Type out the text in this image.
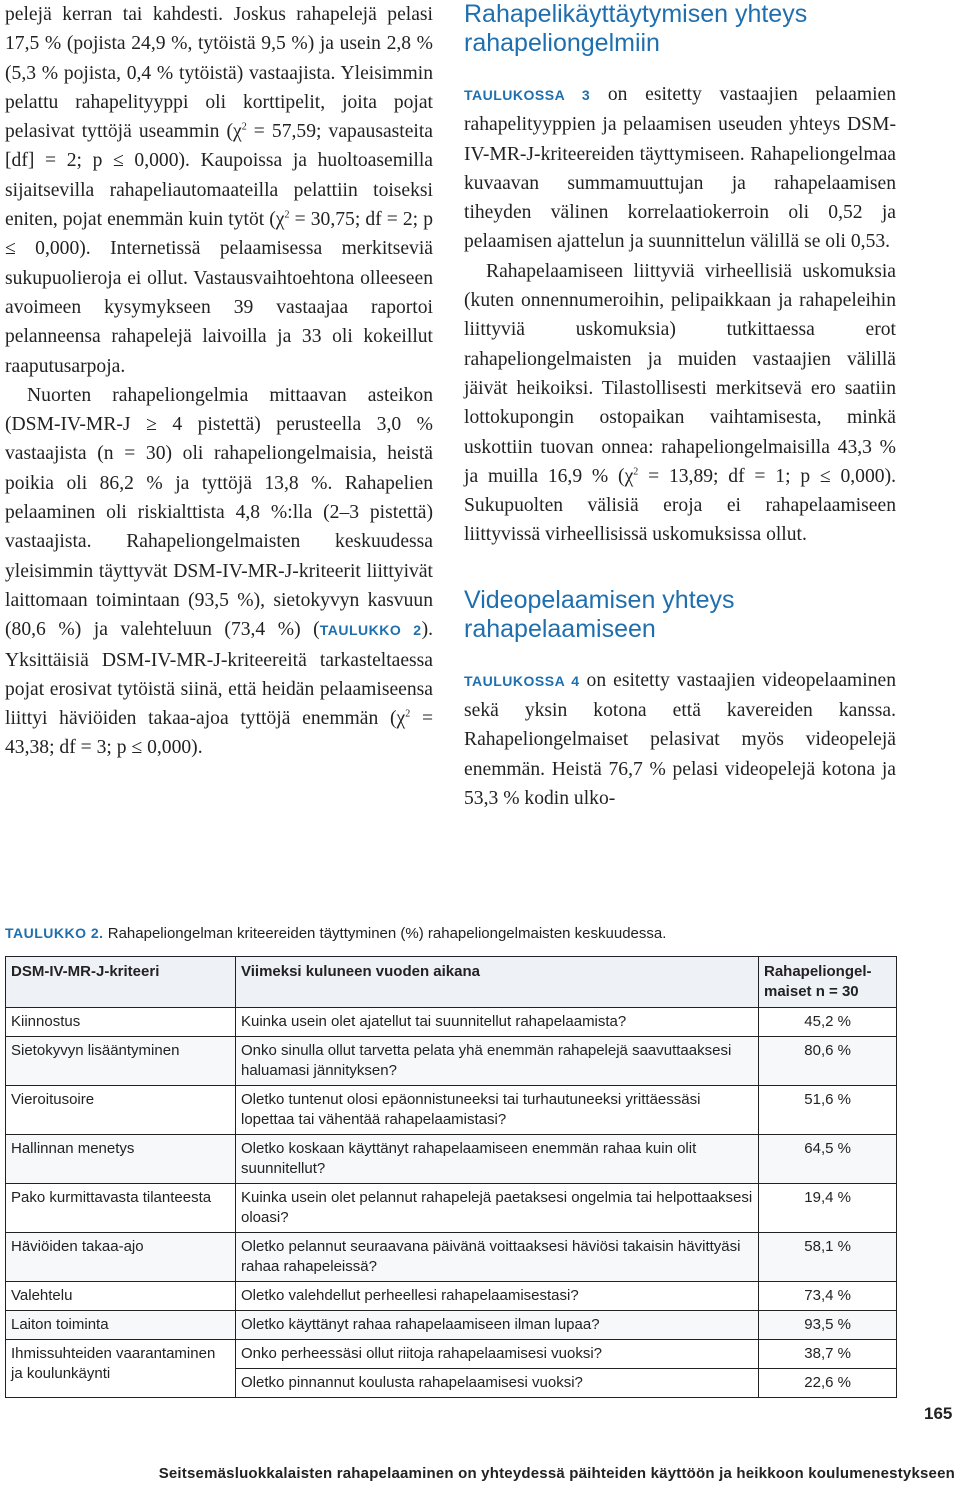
pelejä kerran tai kahdesti. Joskus rahapelejä pelasi 17,5 % (pojista 24,9 %, tytöistä 9,5 %) ja usein 2,8 % (5,3 % pojista, 0,4 % tytöistä) vastaajista. Yleisimmin pelattu rahapelityyppi oli korttipelit, joita pojat pelasivat tyttöjä useammin ($\chi^2 = 57,59$; vapausasteita [df] = 2; p ≤ 0,000). Kaupoissa ja huoltoasemilla sijaitsevilla rahapeliautomaateilla pelattiin toiseksi eniten, pojat enemmän kuin tytöt ($\chi^2 = 30,75$; df = 2; p ≤ 0,000). Internetissä pelaamisessa merkitseviä sukupuolieroja ei ollut. Vastausvaihtoehtona olleeseen avoimeen kysymykseen 39 vastaajaa raportoi pelanneensa rahapelejä laivoilla ja 33 oli kokeillut raaputusarpoja.

Nuorten rahapeliongelmia mittaavan asteikon (DSM-IV-MR-J ≥ 4 pistettä) perusteella 3,0 % vastaajista (n = 30) oli rahapeliongelmaisia, heistä poikia oli 86,2 % ja tyttöjä 13,8 %. Rahapelien pelaaminen oli riskialttista 4,8 %:lla (2–3 pistettä) vastaajista. Rahapeliongelmaisten keskuudessa yleisimmin täyttyvät DSM-IV-MR-J-kriteerit liittyivät laittomaan toimintaan (93,5 %), sietokyvyn kasvuun (80,6 %) ja valehteluun (73,4 %) (TAULUKKO 2). Yksittäisiä DSM-IV-MR-J-kriteereitä tarkasteltaessa pojat erosivat tytöistä siinä, että heidän pelaamiseensa liittyi häviöiden takaa-ajoa tyttöjä enemmän ($\chi^2 = 43,38$; df = 3; p ≤ 0,000).

Rahapelikäyttäytymisen yhteys rahapeliongelmiin

TAULUKOSSA 3 on esitetty vastaajien pelaamien rahapelityyppien ja pelaamisen useuden yhteys DSM-IV-MR-J-kriteereiden täyttymiseen. Rahapeliongelmaa kuvaavan summamuuttujan ja rahapelaamisen tiheyden välinen korrelaatiokerroin oli 0,52 ja pelaamisen ajattelun ja suunnittelun välillä se oli 0,53.

Rahapelaamiseen liittyviä virheellisiä uskomuksia (kuten onnennumeroihin, pelipaikkaan ja rahapeleihin liittyviä uskomuksia) tutkittaessa erot rahapeliongelmaisten ja muiden vastaajien välillä jäivät heikoiksi. Tilastollisesti merkitsevä ero saatiin lottokupongin ostopaikan vaihtamisesta, minkä uskottiin tuovan onnea: rahapeliongelmaisilla 43,3 % ja muilla 16,9 % ($\chi^2 = 13,89$; df = 1; p ≤ 0,000). Sukupuolten välisiä eroja ei rahapelaamiseen liittyvissä virheellisissä uskomuksissa ollut.

Videopelaamisen yhteys rahapelaamiseen

TAULUKOSSA 4 on esitetty vastaajien videopelaaminen sekä yksin kotona että kavereiden kanssa. Rahapeliongelmaiset pelasivat myös videopelejä enemmän. Heistä 76,7 % pelasi videopelejä kotona ja 53,3 % kodin ulko-

TAULUKKO 2. Rahapeliongelman kriteereiden täyttyminen (%) rahapeliongelmaisten keskuudessa.
DSM-IV-MR-J-kriteeri	Viimeksi kuluneen vuoden aikana	Rahapeliongel-maiset n = 30
Kiinnostus	Kuinka usein olet ajatellut tai suunnitellut rahapelaamista?	45,2 %
Sietokyvyn lisääntyminen	Onko sinulla ollut tarvetta pelata yhä enemmän rahapelejä saavuttaaksesi haluamasi jännityksen?	80,6 %
Vieroitusoire	Oletko tuntenut olosi epäonnistuneeksi tai turhautuneeksi yrittäessäsi lopettaa tai vähentää rahapelaamistasi?	51,6 %
Hallinnan menetys	Oletko koskaan käyttänyt rahapelaamiseen enemmän rahaa kuin olit suunnitellut?	64,5 %
Pako kurmittavasta tilanteesta	Kuinka usein olet pelannut rahapelejä paetaksesi ongelmia tai helpottaaksesi oloasi?	19,4 %
Häviöiden takaa-ajo	Oletko pelannut seuraavana päivänä voittaaksesi häviösi takaisin hävittyäsi rahaa rahapeleissä?	58,1 %
Valehtelu	Oletko valehdellut perheellesi rahapelaamisestasi?	73,4 %
Laiton toiminta	Oletko käyttänyt rahaa rahapelaamiseen ilman lupaa?	93,5 %
Ihmissuhteiden vaarantaminen ja koulunkäynti	Onko perheessäsi ollut riitoja rahapelaamisesi vuoksi?	38,7 %
	Oletko pinnannut koulusta rahapelaamisesi vuoksi?	22,6 %
165
Seitsemäsluokkalaisten rahapelaaminen on yhteydessä päihteiden käyttöön ja heikkoon koulumenestykseen
